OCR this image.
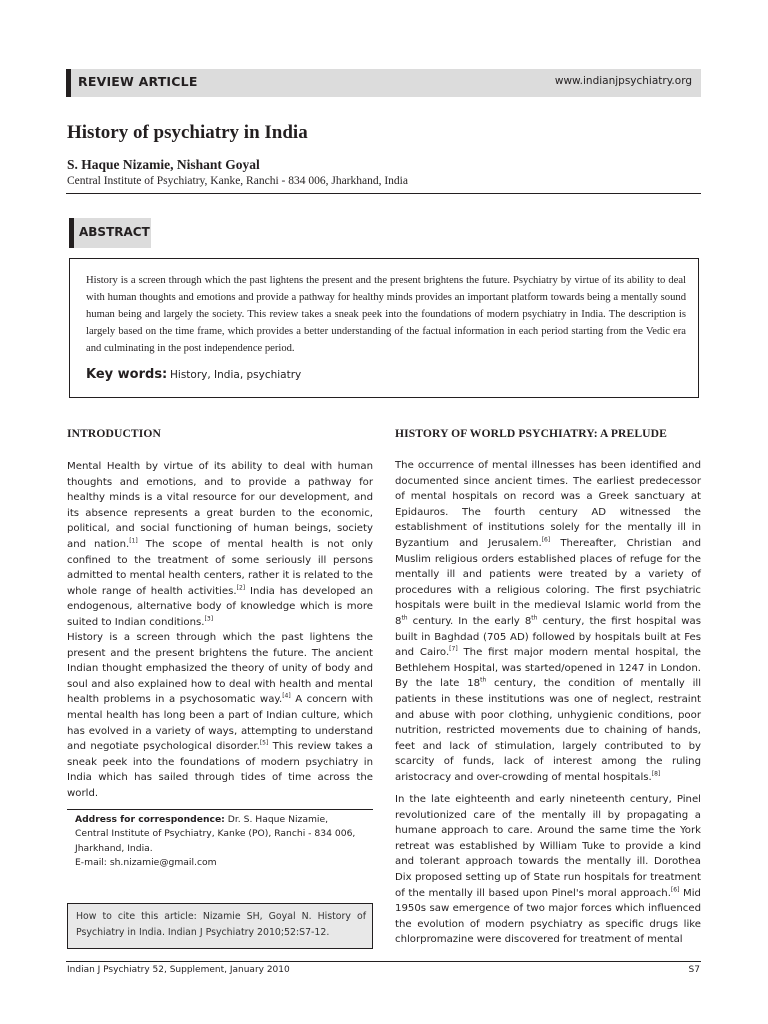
REVIEW ARTICLE	www.indianjpsychiatry.org
History of psychiatry in India
S. Haque Nizamie, Nishant Goyal
Central Institute of Psychiatry, Kanke, Ranchi - 834 006, Jharkhand, India
ABSTRACT
History is a screen through which the past lightens the present and the present brightens the future. Psychiatry by virtue of its ability to deal with human thoughts and emotions and provide a pathway for healthy minds provides an important platform towards being a mentally sound human being and largely the society. This review takes a sneak peek into the foundations of modern psychiatry in India. The description is largely based on the time frame, which provides a better understanding of the factual information in each period starting from the Vedic era and culminating in the post independence period.
Key words: History, India, psychiatry
INTRODUCTION
Mental Health by virtue of its ability to deal with human thoughts and emotions, and to provide a pathway for healthy minds is a vital resource for our development, and its absence represents a great burden to the economic, political, and social functioning of human beings, society and nation.[1] The scope of mental health is not only confined to the treatment of some seriously ill persons admitted to mental health centers, rather it is related to the whole range of health activities.[2] India has developed an endogenous, alternative body of knowledge which is more suited to Indian conditions.[3]
History is a screen through which the past lightens the present and the present brightens the future. The ancient Indian thought emphasized the theory of unity of body and soul and also explained how to deal with health and mental health problems in a psychosomatic way.[4] A concern with mental health has long been a part of Indian culture, which has evolved in a variety of ways, attempting to understand and negotiate psychological disorder.[5] This review takes a sneak peek into the foundations of modern psychiatry in India which has sailed through tides of time across the world.
Address for correspondence: Dr. S. Haque Nizamie,
Central Institute of Psychiatry, Kanke (PO), Ranchi - 834 006,
Jharkhand, India.
E-mail: sh.nizamie@gmail.com
How to cite this article: Nizamie SH, Goyal N. History of Psychiatry in India. Indian J Psychiatry 2010;52:S7-12.
HISTORY OF WORLD PSYCHIATRY: A PRELUDE
The occurrence of mental illnesses has been identified and documented since ancient times. The earliest predecessor of mental hospitals on record was a Greek sanctuary at Epidauros. The fourth century AD witnessed the establishment of institutions solely for the mentally ill in Byzantium and Jerusalem.[6] Thereafter, Christian and Muslim religious orders established places of refuge for the mentally ill and patients were treated by a variety of procedures with a religious coloring. The first psychiatric hospitals were built in the medieval Islamic world from the 8th century. In the early 8th century, the first hospital was built in Baghdad (705 AD) followed by hospitals built at Fes and Cairo.[7] The first major modern mental hospital, the Bethlehem Hospital, was started/opened in 1247 in London. By the late 18th century, the condition of mentally ill patients in these institutions was one of neglect, restraint and abuse with poor clothing, unhygienic conditions, poor nutrition, restricted movements due to chaining of hands, feet and lack of stimulation, largely contributed to by scarcity of funds, lack of interest among the ruling aristocracy and over-crowding of mental hospitals.[8]
In the late eighteenth and early nineteenth century, Pinel revolutionized care of the mentally ill by propagating a humane approach to care. Around the same time the York retreat was established by William Tuke to provide a kind and tolerant approach towards the mentally ill. Dorothea Dix proposed setting up of State run hospitals for treatment of the mentally ill based upon Pinel's moral approach.[6] Mid 1950s saw emergence of two major forces which influenced the evolution of modern psychiatry as specific drugs like chlorpromazine were discovered for treatment of mental
Indian J Psychiatry 52, Supplement, January 2010	S7
